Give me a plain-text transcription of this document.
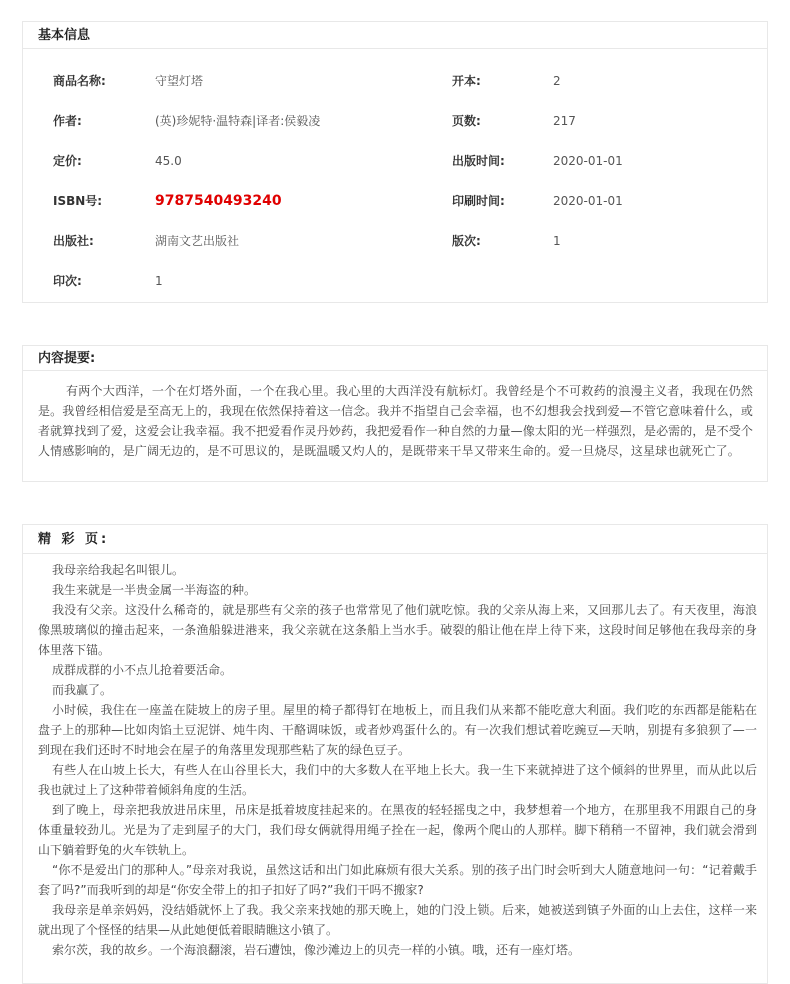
基本信息
商品名称:	守望灯塔	开本:	2
作者:	(英)珍妮特·温特森|译者:侯毅凌	页数:	217
定价:	45.0	出版时间:	2020-01-01
ISBN号:	9787540493240	印刷时间:	2020-01-01
出版社:	湖南文艺出版社	版次:	1
印次:	1
内容提要:

有两个大西洋，一个在灯塔外面，一个在我心里。我心里的大西洋没有航标灯。我曾经是个不可救药的浪漫主义者，我现在仍然是。我曾经相信爱是至高无上的，我现在依然保持着这一信念。我并不指望自己会幸福，也不幻想我会找到爱—不管它意味着什么，或者就算找到了爱，这爱会让我幸福。我不把爱看作灵丹妙药，我把爱看作一种自然的力量—像太阳的光一样强烈，是必需的，是不受个人情感影响的，是广阔无边的，是不可思议的，是既温暖又灼人的，是既带来干旱又带来生命的。爱一旦烧尽，这星球也就死亡了。

精 彩 页:

我母亲给我起名叫银儿。

我生来就是一半贵金属一半海盗的种。

我没有父亲。这没什么稀奇的，就是那些有父亲的孩子也常常见了他们就吃惊。我的父亲从海上来，又回那儿去了。有天夜里，海浪像黑玻璃似的撞击起来，一条渔船躲进港来，我父亲就在这条船上当水手。破裂的船让他在岸上待下来，这段时间足够他在我母亲的身体里落下锚。

成群成群的小不点儿抢着要活命。

而我赢了。

小时候，我住在一座盖在陡坡上的房子里。屋里的椅子都得钉在地板上，而且我们从来都不能吃意大利面。我们吃的东西都是能粘在盘子上的那种—比如肉馅土豆泥饼、炖牛肉、干酪调味饭，或者炒鸡蛋什么的。有一次我们想试着吃豌豆—天呐，别提有多狼狈了—一到现在我们还时不时地会在屋子的角落里发现那些粘了灰的绿色豆子。

有些人在山坡上长大，有些人在山谷里长大，我们中的大多数人在平地上长大。我一生下来就掉进了这个倾斜的世界里，而从此以后我也就过上了这种带着倾斜角度的生活。

到了晚上，母亲把我放进吊床里，吊床是抵着坡度挂起来的。在黑夜的轻轻摇曳之中，我梦想着一个地方，在那里我不用跟自己的身体重量较劲儿。光是为了走到屋子的大门，我们母女俩就得用绳子拴在一起，像两个爬山的人那样。脚下稍稍一不留神，我们就会滑到山下躺着野兔的火车铁轨上。

“你不是爱出门的那种人。”母亲对我说，虽然这话和出门如此麻烦有很大关系。别的孩子出门时会听到大人随意地问一句：“记着戴手套了吗?”而我听到的却是“你安全带上的扣子扣好了吗?”我们干吗不搬家?

我母亲是单亲妈妈，没结婚就怀上了我。我父亲来找她的那天晚上，她的门没上锁。后来，她被送到镇子外面的山上去住，这样一来就出现了个怪怪的结果—从此她便低着眼睛瞧这小镇了。

索尔茨，我的故乡。一个海浪翻滚，岩石遭蚀，像沙滩边上的贝壳一样的小镇。哦，还有一座灯塔。
